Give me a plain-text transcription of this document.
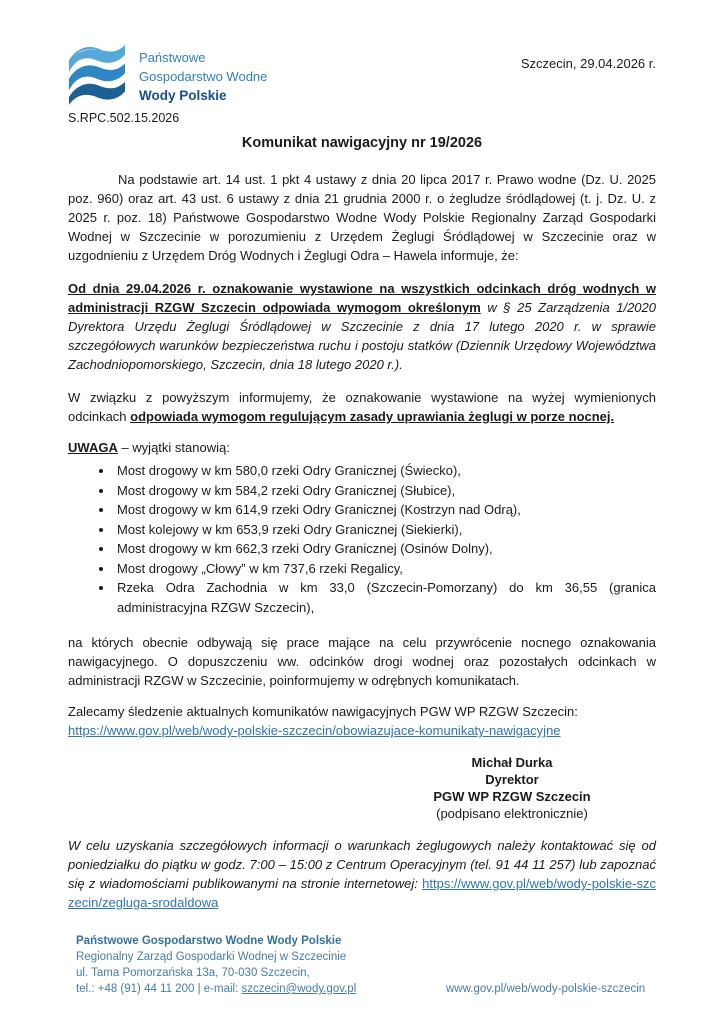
Państwowe
Gospodarstwo Wodne
Wody Polskie
Szczecin, 29.04.2026 r.
S.RPC.502.15.2026
Komunikat nawigacyjny nr 19/2026

Na podstawie art. 14 ust. 1 pkt 4 ustawy z dnia 20 lipca 2017 r. Prawo wodne (Dz. U. 2025 poz. 960) oraz art. 43 ust. 6 ustawy z dnia 21 grudnia 2000 r. o żegludze śródlądowej (t. j. Dz. U. z 2025 r. poz. 18) Państwowe Gospodarstwo Wodne Wody Polskie Regionalny Zarząd Gospodarki Wodnej w Szczecinie w porozumieniu z Urzędem Żeglugi Śródlądowej w Szczecinie oraz w uzgodnieniu z Urzędem Dróg Wodnych i Żeglugi Odra – Hawela informuje, że:

Od dnia 29.04.2026 r. oznakowanie wystawione na wszystkich odcinkach dróg wodnych w administracji RZGW Szczecin odpowiada wymogom określonym w § 25 Zarządzenia 1/2020 Dyrektora Urzędu Żeglugi Śródlądowej w Szczecinie z dnia 17 lutego 2020 r. w sprawie szczegółowych warunków bezpieczeństwa ruchu i postoju statków (Dziennik Urzędowy Województwa Zachodniopomorskiego, Szczecin, dnia 18 lutego 2020 r.).

W związku z powyższym informujemy, że oznakowanie wystawione na wyżej wymienionych odcinkach odpowiada wymogom regulującym zasady uprawiania żeglugi w porze nocnej.

UWAGA – wyjątki stanowią:

• Most drogowy w km 580,0 rzeki Odry Granicznej (Świecko),
• Most drogowy w km 584,2 rzeki Odry Granicznej (Słubice),
• Most drogowy w km 614,9 rzeki Odry Granicznej (Kostrzyn nad Odrą),
• Most kolejowy w km 653,9 rzeki Odry Granicznej (Siekierki),
• Most drogowy w km 662,3 rzeki Odry Granicznej (Osinów Dolny),
• Most drogowy „Cłowy” w km 737,6 rzeki Regalicy,
• Rzeka Odra Zachodnia w km 33,0 (Szczecin-Pomorzany) do km 36,55 (granica administracyjna RZGW Szczecin),

na których obecnie odbywają się prace mające na celu przywrócenie nocnego oznakowania nawigacyjnego. O dopuszczeniu ww. odcinków drogi wodnej oraz pozostałych odcinkach w administracji RZGW w Szczecinie, poinformujemy w odrębnych komunikatach.

Zalecamy śledzenie aktualnych komunikatów nawigacyjnych PGW WP RZGW Szczecin:
https://www.gov.pl/web/wody-polskie-szczecin/obowiazujace-komunikaty-nawigacyjne

Michał Durka
Dyrektor
PGW WP RZGW Szczecin
(podpisano elektronicznie)

W celu uzyskania szczegółowych informacji o warunkach żeglugowych należy kontaktować się od poniedziałku do piątku w godz. 7:00 – 15:00 z Centrum Operacyjnym (tel. 91 44 11 257) lub zapoznać się z wiadomościami publikowanymi na stronie internetowej: https://www.gov.pl/web/wody-polskie-szczecin/zegluga-srodaldowa

Państwowe Gospodarstwo Wodne Wody Polskie
Regionalny Zarząd Gospodarki Wodnej w Szczecinie
ul. Tama Pomorzańska 13a, 70-030 Szczecin,
tel.: +48 (91) 44 11 200 | e-mail: szczecin@wody.gov.pl	www.gov.pl/web/wody-polskie-szczecin
